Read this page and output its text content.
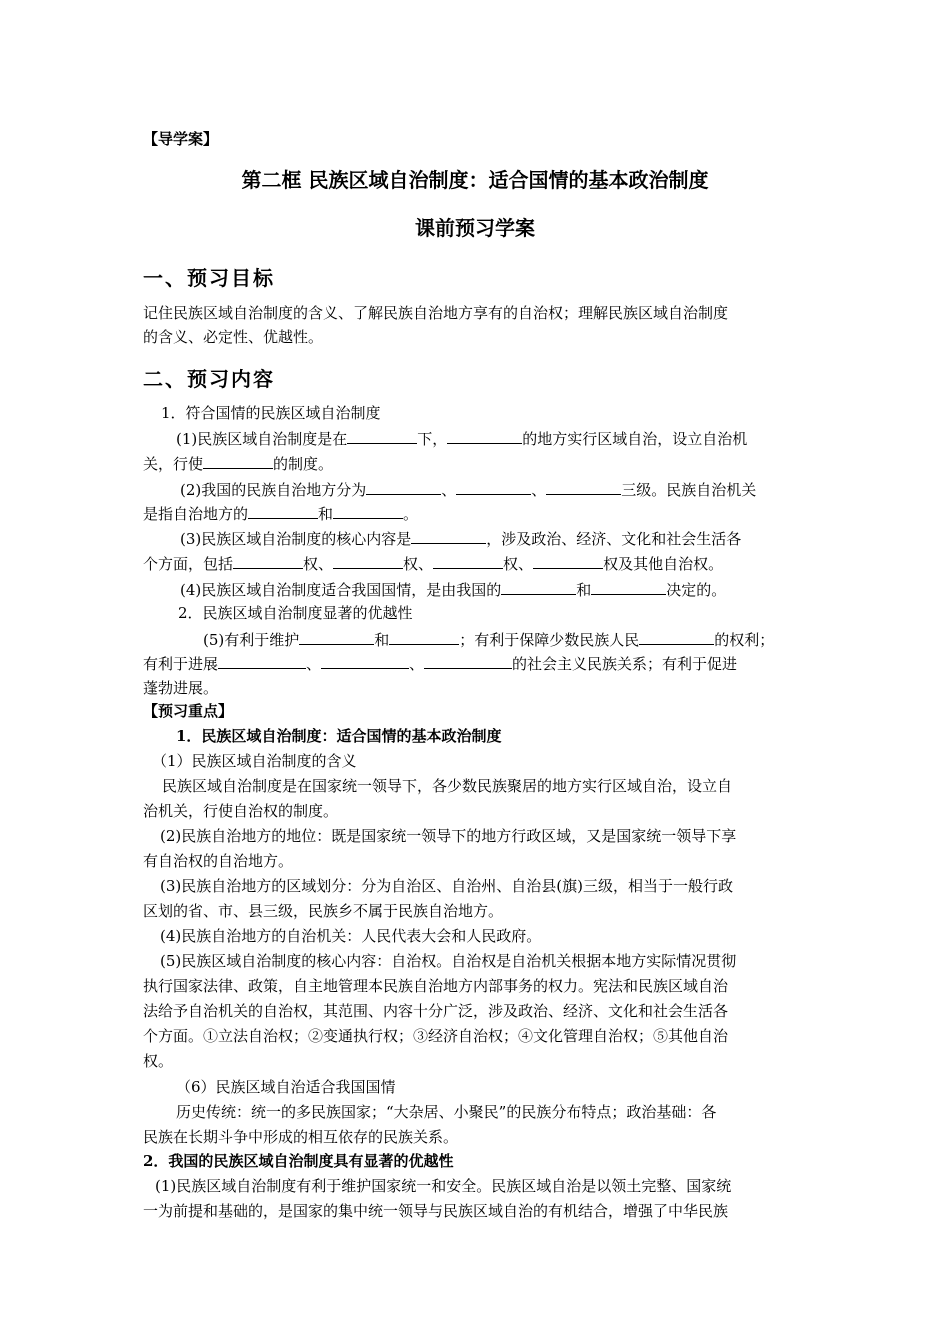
【导学案】
第二框 民族区域自治制度：适合国情的基本政治制度
课前预习学案
一、预习目标
记住民族区域自治制度的含义、了解民族自治地方享有的自治权；理解民族区域自治制度
的含义、必定性、优越性。
二、预习内容
1．符合国情的民族区域自治制度
(1)民族区域自治制度是在	下，	的地方实行区域自治，设立自治机
关，行使	的制度。
(2)我国的民族自治地方分为	、	、	三级。民族自治机关
是指自治地方的	和	。
(3)民族区域自治制度的核心内容是	，涉及政治、经济、文化和社会生活各
个方面，包括	权、	权、	权、	权及其他自治权。
(4)民族区域自治制度适合我国国情，是由我国的	和	决定的。
2．民族区域自治制度显著的优越性
(5)有利于维护	和	；有利于保障少数民族人民	的权利；
有利于进展	、	、	的社会主义民族关系；有利于促进
蓬勃进展。
【预习重点】
1．民族区域自治制度：适合国情的基本政治制度
（1）民族区域自治制度的含义
民族区域自治制度是在国家统一领导下，各少数民族聚居的地方实行区域自治，设立自
治机关，行使自治权的制度。
(2)民族自治地方的地位：既是国家统一领导下的地方行政区域，又是国家统一领导下享
有自治权的自治地方。
(3)民族自治地方的区域划分：分为自治区、自治州、自治县(旗)三级，相当于一般行政
区划的省、市、县三级，民族乡不属于民族自治地方。
(4)民族自治地方的自治机关：人民代表大会和人民政府。
(5)民族区域自治制度的核心内容：自治权。自治权是自治机关根据本地方实际情况贯彻
执行国家法律、政策，自主地管理本民族自治地方内部事务的权力。宪法和民族区域自治
法给予自治机关的自治权，其范围、内容十分广泛，涉及政治、经济、文化和社会生活各
个方面。①立法自治权；②变通执行权；③经济自治权；④文化管理自治权；⑤其他自治
权。
（6）民族区域自治适合我国国情
历史传统：统一的多民族国家；“大杂居、小聚民”的民族分布特点；政治基础：各
民族在长期斗争中形成的相互依存的民族关系。
2．我国的民族区域自治制度具有显著的优越性
(1)民族区域自治制度有利于维护国家统一和安全。民族区域自治是以领土完整、国家统
一为前提和基础的，是国家的集中统一领导与民族区域自治的有机结合，增强了中华民族
